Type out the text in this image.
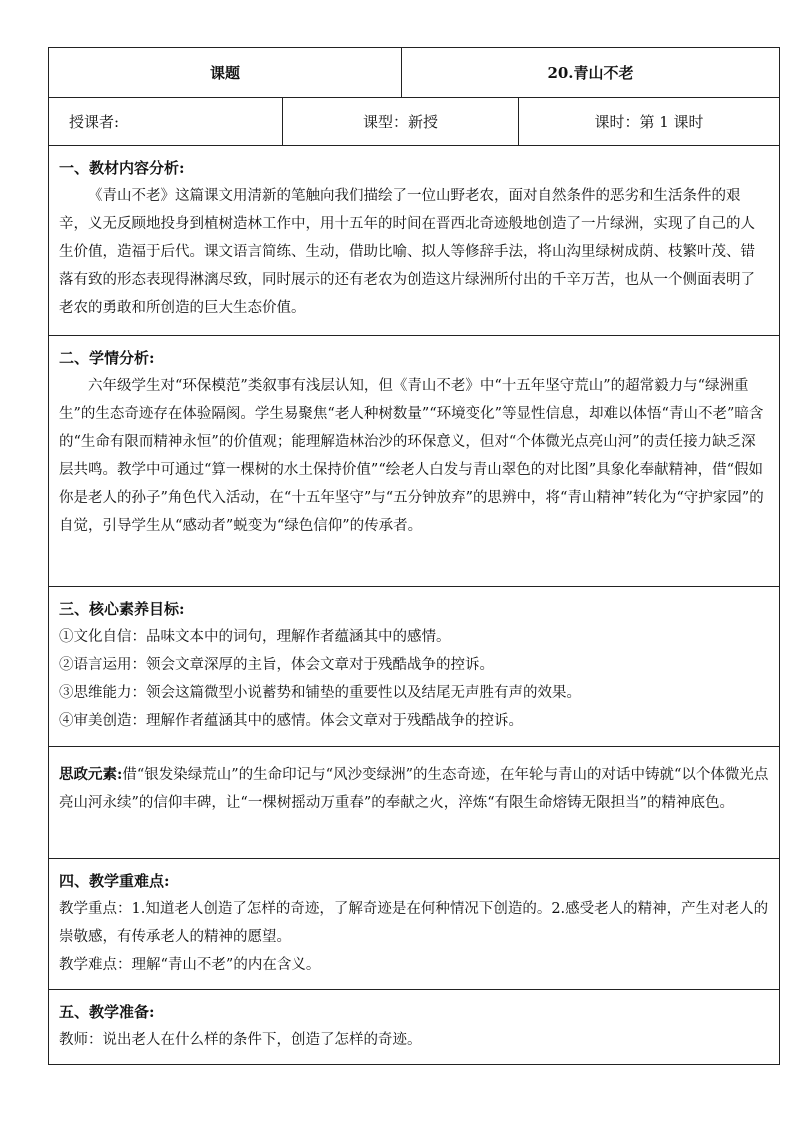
课题	20.青山不老
授课者:	课型：新授	课时：第 1 课时

一、教材内容分析:

《青山不老》这篇课文用清新的笔触向我们描绘了一位山野老农，面对自然条件的恶劣和生活条件的艰辛，义无反顾地投身到植树造林工作中，用十五年的时间在晋西北奇迹般地创造了一片绿洲，实现了自己的人生价值，造福于后代。课文语言简练、生动，借助比喻、拟人等修辞手法，将山沟里绿树成荫、枝繁叶茂、错落有致的形态表现得淋漓尽致，同时展示的还有老农为创造这片绿洲所付出的千辛万苦，也从一个侧面表明了老农的勇敢和所创造的巨大生态价值。

二、学情分析:

六年级学生对“环保模范”类叙事有浅层认知，但《青山不老》中“十五年坚守荒山”的超常毅力与“绿洲重生”的生态奇迹存在体验隔阂。学生易聚焦“老人种树数量”“环境变化”等显性信息，却难以体悟“青山不老”暗含的“生命有限而精神永恒”的价值观；能理解造林治沙的环保意义，但对“个体微光点亮山河”的责任接力缺乏深层共鸣。教学中可通过“算一棵树的水土保持价值”“绘老人白发与青山翠色的对比图”具象化奉献精神，借“假如你是老人的孙子”角色代入活动，在“十五年坚守”与“五分钟放弃”的思辨中，将“青山精神”转化为“守护家园”的自觉，引导学生从“感动者”蜕变为“绿色信仰”的传承者。

三、核心素养目标:

①文化自信：品味文本中的词句，理解作者蕴涵其中的感情。

②语言运用：领会文章深厚的主旨，体会文章对于残酷战争的控诉。

③思维能力：领会这篇微型小说蓄势和铺垫的重要性以及结尾无声胜有声的效果。

④审美创造：理解作者蕴涵其中的感情。体会文章对于残酷战争的控诉。

思政元素:借“银发染绿荒山”的生命印记与“风沙变绿洲”的生态奇迹，在年轮与青山的对话中铸就“以个体微光点亮山河永续”的信仰丰碑，让“一棵树摇动万重春”的奉献之火，淬炼“有限生命熔铸无限担当”的精神底色。

四、教学重难点:

教学重点：1.知道老人创造了怎样的奇迹，了解奇迹是在何种情况下创造的。2.感受老人的精神，产生对老人的崇敬感，有传承老人的精神的愿望。

教学难点：理解“青山不老”的内在含义。

五、教学准备:

教师：说出老人在什么样的条件下，创造了怎样的奇迹。
